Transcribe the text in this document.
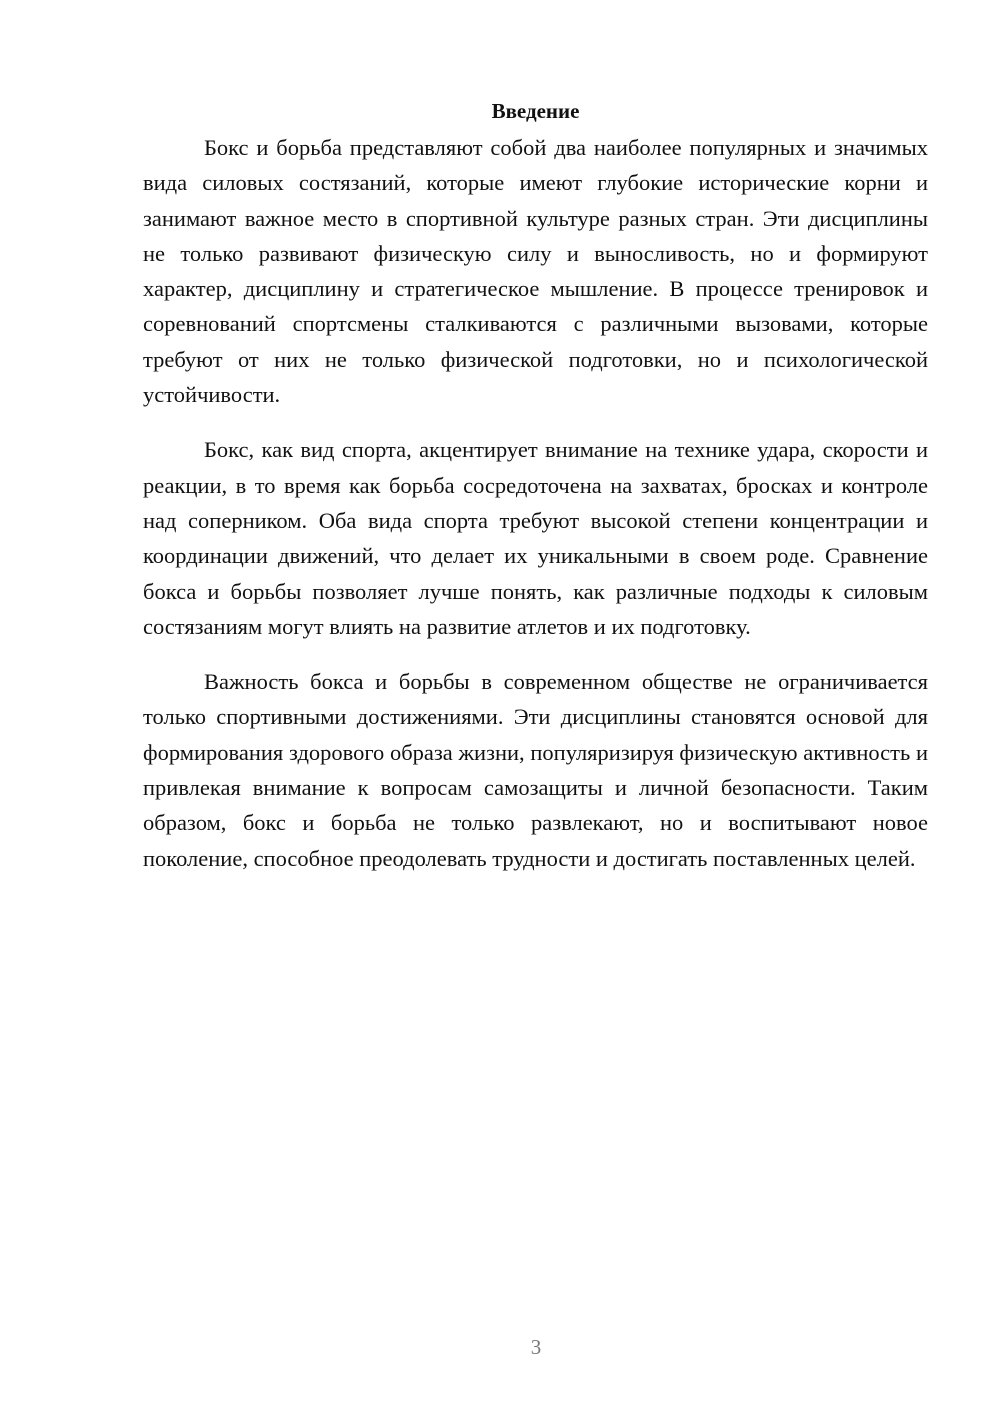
Введение

Бокс и борьба представляют собой два наиболее популярных и значимых вида силовых состязаний, которые имеют глубокие исторические корни и занимают важное место в спортивной культуре разных стран. Эти дисциплины не только развивают физическую силу и выносливость, но и формируют характер, дисциплину и стратегическое мышление. В процессе тренировок и соревнований спортсмены сталкиваются с различными вызовами, которые требуют от них не только физической подготовки, но и психологической устойчивости.

Бокс, как вид спорта, акцентирует внимание на технике удара, скорости и реакции, в то время как борьба сосредоточена на захватах, бросках и контроле над соперником. Оба вида спорта требуют высокой степени концентрации и координации движений, что делает их уникальными в своем роде. Сравнение бокса и борьбы позволяет лучше понять, как различные подходы к силовым состязаниям могут влиять на развитие атлетов и их подготовку.

Важность бокса и борьбы в современном обществе не ограничивается только спортивными достижениями. Эти дисциплины становятся основой для формирования здорового образа жизни, популяризируя физическую активность и привлекая внимание к вопросам самозащиты и личной безопасности. Таким образом, бокс и борьба не только развлекают, но и воспитывают новое поколение, способное преодолевать трудности и достигать поставленных целей.

3
